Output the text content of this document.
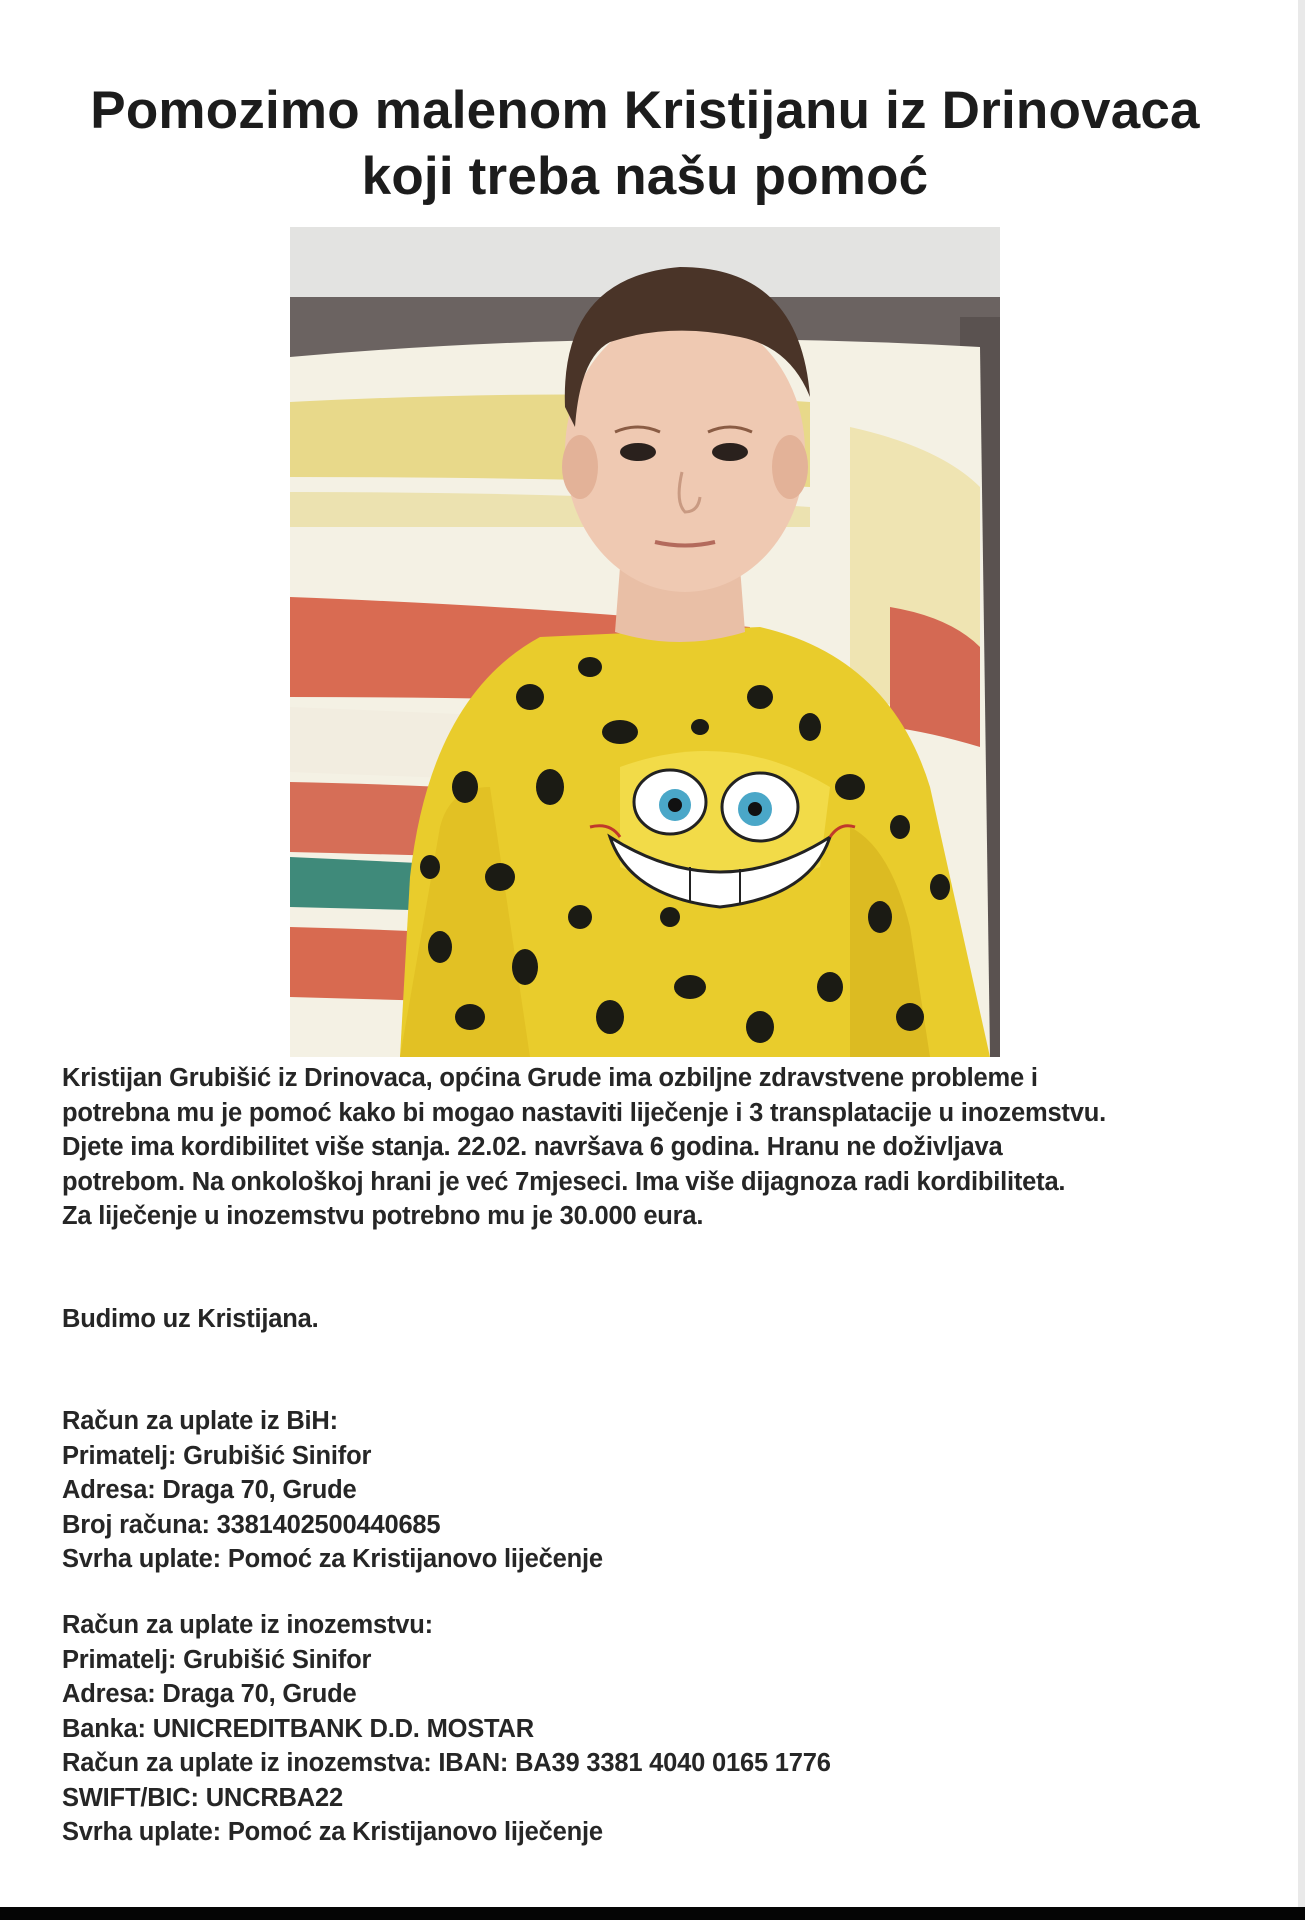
Pomozimo malenom Kristijanu iz Drinovaca
koji treba našu pomoć
Kristijan Grubišić iz Drinovaca, općina Grude ima ozbiljne zdravstvene probleme i
potrebna mu je pomoć kako bi mogao nastaviti liječenje i 3 transplatacije u inozemstvu.
Djete ima kordibilitet više stanja. 22.02. navršava 6 godina. Hranu ne doživljava
potrebom. Na onkološkoj hrani je već 7mjeseci. Ima više dijagnoza radi kordibiliteta.
Za liječenje u inozemstvu potrebno mu je 30.000 eura.
Budimo uz Kristijana.
Račun za uplate iz BiH:
Primatelj: Grubišić Sinifor
Adresa: Draga 70, Grude
Broj računa: 3381402500440685
Svrha uplate: Pomoć za Kristijanovo liječenje
Račun za uplate iz inozemstvu:
Primatelj: Grubišić Sinifor
Adresa: Draga 70, Grude
Banka: UNICREDITBANK D.D. MOSTAR
Račun za uplate iz inozemstva: IBAN: BA39 3381 4040 0165 1776
SWIFT/BIC: UNCRBA22
Svrha uplate: Pomoć za Kristijanovo liječenje
